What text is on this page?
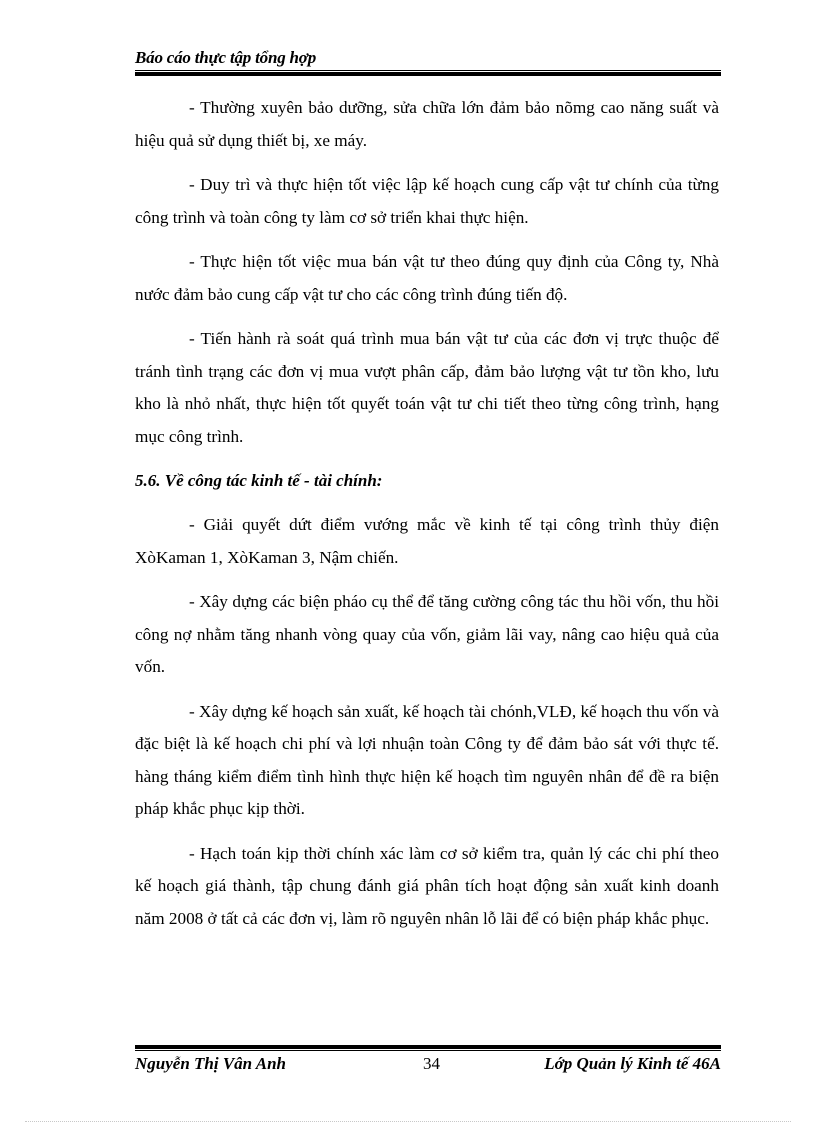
Báo cáo thực tập tổng hợp

- Thường xuyên bảo dưỡng, sửa chữa lớn đảm bảo nõmg cao năng suất và hiệu quả sử dụng thiết bị, xe máy.

- Duy trì và thực hiện tốt việc lập kế hoạch cung cấp vật tư chính của từng công trình và toàn công ty làm cơ sở triển khai thực hiện.

- Thực hiện tốt việc mua bán vật tư theo đúng quy định của Công ty, Nhà nước đảm bảo cung cấp vật tư cho các công trình đúng tiến độ.

- Tiến hành rà soát quá trình mua bán vật tư của các đơn vị trực thuộc để tránh tình trạng các đơn vị mua vượt phân cấp, đảm bảo lượng vật tư tồn kho, lưu kho là nhỏ nhất, thực hiện tốt quyết toán vật tư chi tiết theo từng công trình, hạng mục công trình.

5.6. Về công tác kinh tế - tài chính:

- Giải quyết dứt điểm vướng mắc về kinh tế tại công trình thủy điện XòKaman 1, XòKaman 3, Nậm chiến.

- Xây dựng các biện pháo cụ thể để tăng cường công tác thu hồi vốn, thu hồi công nợ nhằm tăng nhanh vòng quay của vốn, giảm lãi vay, nâng cao hiệu quả của vốn.

- Xây dựng kế hoạch sản xuất, kế hoạch tài chónh,VLĐ, kế hoạch thu vốn và đặc biệt là kế hoạch chi phí và lợi nhuận toàn Công ty để đảm bảo sát với thực tế. hàng tháng kiểm điểm tình hình thực hiện kế hoạch tìm nguyên nhân để đề ra biện pháp khắc phục kịp thời.

- Hạch toán kịp thời chính xác làm cơ sở kiểm tra, quản lý các chi phí theo kế hoạch giá thành, tập chung đánh giá phân tích hoạt động sản xuất kinh doanh năm 2008 ở tất cả các đơn vị, làm rõ nguyên nhân lỗ lãi để có biện pháp khắc phục.

Nguyễn Thị Vân Anh	34	Lớp Quản lý Kinh tế 46A
